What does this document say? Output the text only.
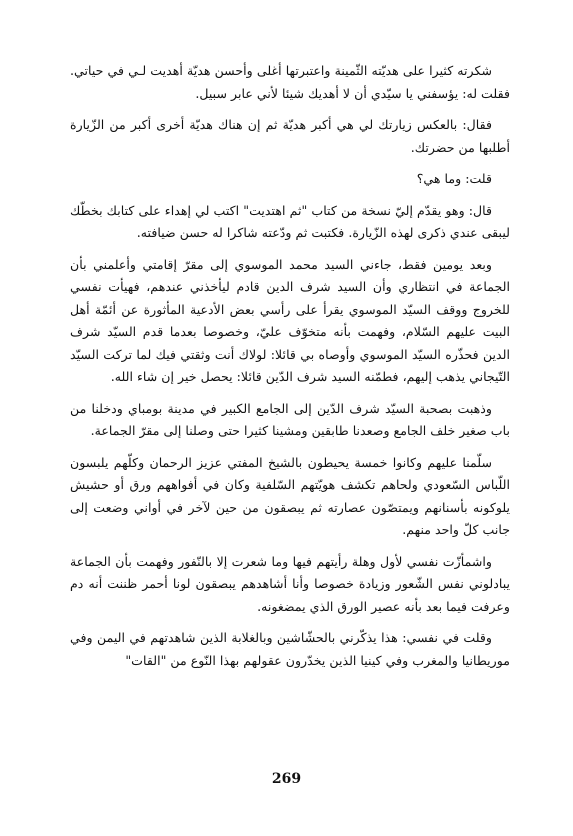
شكرته كثيرا على هديّته الثّمينة واعتبرتها أغلى وأحسن هديّة أهديت لـي في حياتي. فقلت له: يؤسفني يا سيّدي أن لا أهديك شيئا لأني عابر سبيل.

فقال: بالعكس زيارتك لي هي أكبر هديّة ثم إن هناك هديّة أخرى أكبر من الزّيارة أطلبها من حضرتك.

قلت: وما هي؟

قال: وهو يقدّم إليّ نسخة من كتاب "ثم اهتديت" اكتب لي إهداء على كتابك بخطّك ليبقى عندي ذكرى لهذه الزّيارة. فكتبت ثم ودّعته شاكرا له حسن ضيافته.

وبعد يومين فقط، جاءني السيد محمد الموسوي إلى مقرّ إقامتي وأعلمني بأن الجماعة في انتظاري وأن السيد شرف الدين قادم ليأخذني عندهم، فهيأت نفسي للخروج ووقف السيّد الموسوي يقرأ على رأسي بعض الأدعية المأثورة عن أئمّة أهل البيت عليهم السّلام، وفهمت بأنه متخوّف عليّ، وخصوصا بعدما قدم السيّد شرف الدين فحذّره السيّد الموسوي وأوصاه بي قائلا: لولاك أنت وثقتي فيك لما تركت السيّد التّيجاني يذهب إليهم، فطمّنه السيد شرف الدّين قائلا: يحصل خير إن شاء الله.

وذهبت بصحبة السيّد شرف الدّين إلى الجامع الكبير في مدينة بومباي ودخلنا من باب صغير خلف الجامع وصعدنا طابقين ومشينا كثيرا حتى وصلنا إلى مقرّ الجماعة.

سلّمنا عليهم وكانوا خمسة يحيطون بالشيخ المفتي عزيز الرحمان وكلّهم يلبسون اللّباس السّعودي ولحاهم تكشف هويّتهم السّلفية وكان في أفواههم ورق أو حشيش يلوكونه بأسنانهم ويمتصّون عصارته ثم يبصقون من حين لآخر في أواني وضعت إلى جانب كلّ واحد منهم.

واشمأزّت نفسي لأول وهلة رأيتهم فيها وما شعرت إلا بالنّفور وفهمت بأن الجماعة يبادلوني نفس الشّعور وزيادة خصوصا وأنا أشاهدهم يبصقون لونا أحمر ظننت أنه دم وعرفت فيما بعد بأنه عصير الورق الذي يمضغونه.

وقلت في نفسي: هذا يذكّرني بالحشّاشين وبالغلابة الذين شاهدتهم في اليمن وفي موريطانيا والمغرب وفي كينيا الذين يخدّرون عقولهم بهذا النّوع من "القات"

269
